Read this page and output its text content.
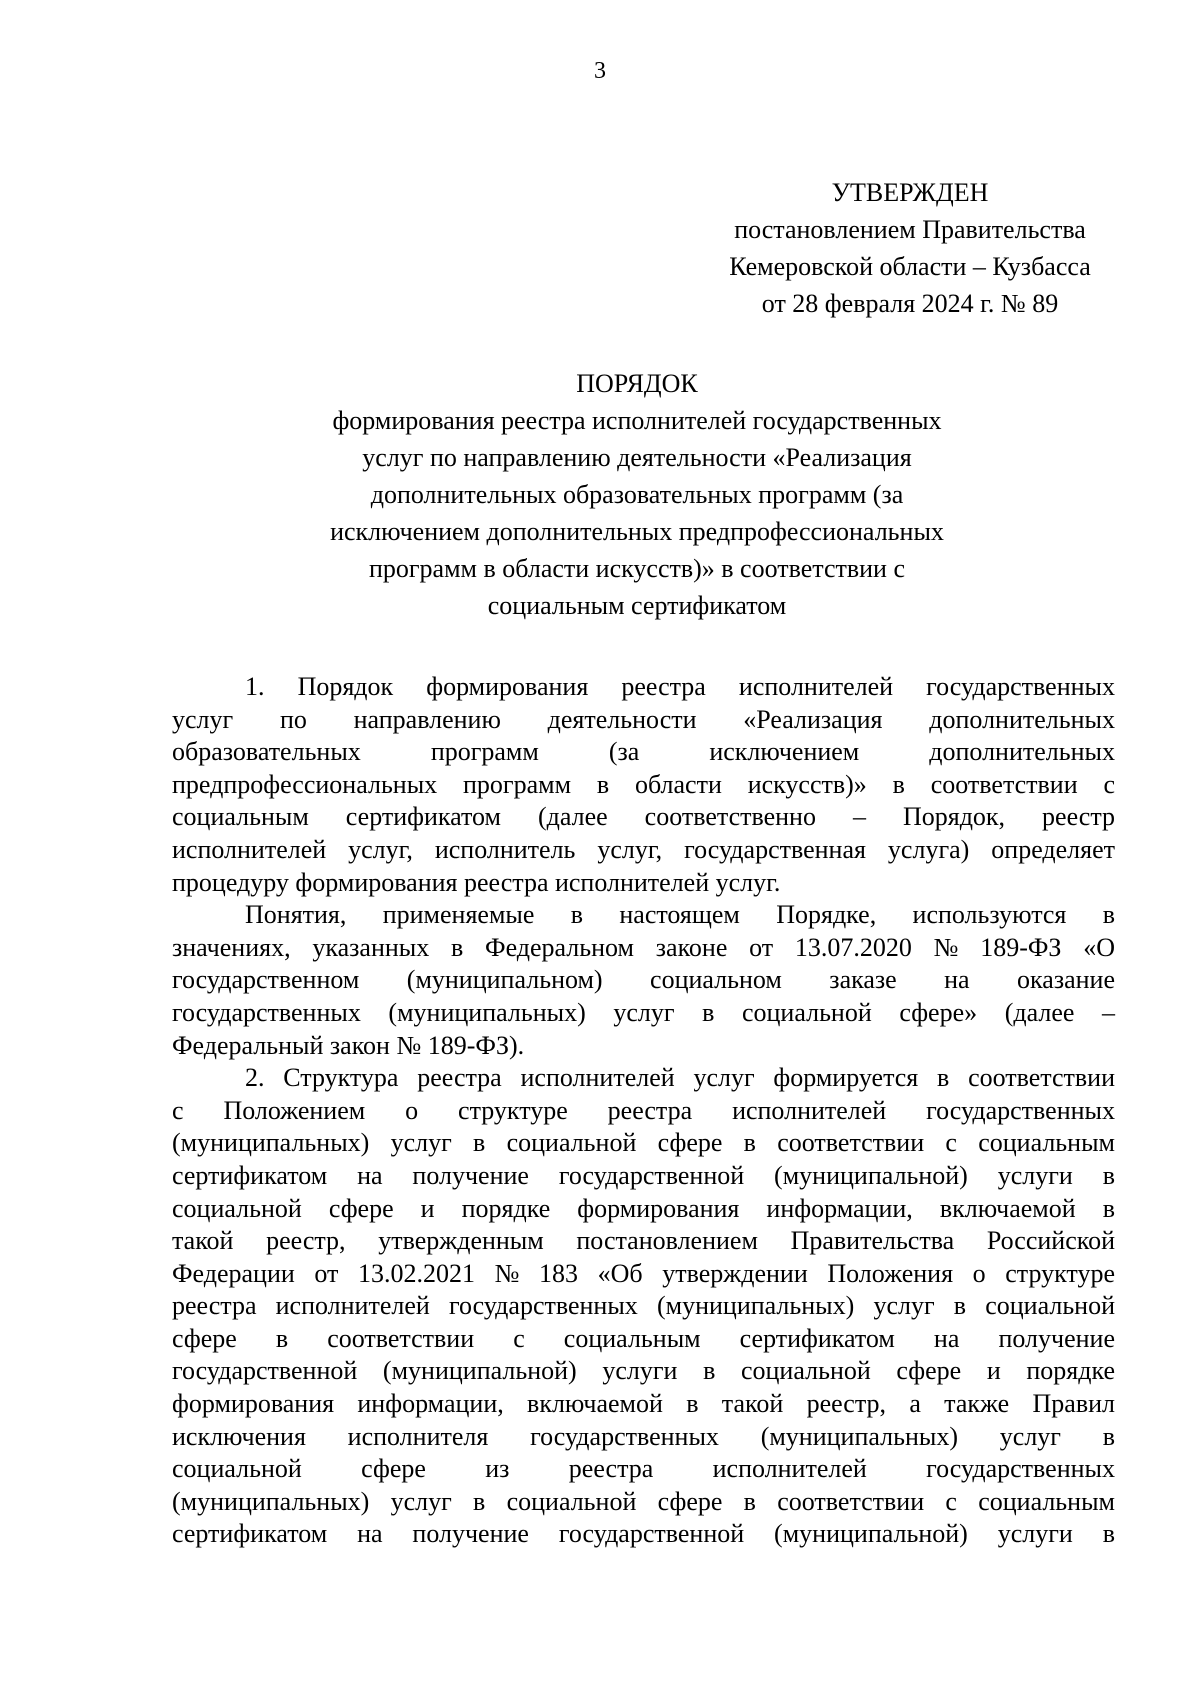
3
УТВЕРЖДЕН
постановлением Правительства
Кемеровской области – Кузбасса
от 28 февраля 2024 г. № 89
ПОРЯДОК
формирования реестра исполнителей государственных
услуг по направлению деятельности «Реализация
дополнительных образовательных программ (за
исключением дополнительных предпрофессиональных
программ в области искусств)» в соответствии с
социальным сертификатом

1. Порядок формирования реестра исполнителей государственных
услуг по направлению деятельности «Реализация дополнительных
образовательных программ (за исключением дополнительных
предпрофессиональных программ в области искусств)» в соответствии с
социальным сертификатом (далее соответственно – Порядок, реестр
исполнителей услуг, исполнитель услуг, государственная услуга) определяет
процедуру формирования реестра исполнителей услуг.

Понятия, применяемые в настоящем Порядке, используются в
значениях, указанных в Федеральном законе от 13.07.2020 № 189-ФЗ «О
государственном (муниципальном) социальном заказе на оказание
государственных (муниципальных) услуг в социальной сфере» (далее –
Федеральный закон № 189-ФЗ).

2. Структура реестра исполнителей услуг формируется в соответствии
с Положением о структуре реестра исполнителей государственных
(муниципальных) услуг в социальной сфере в соответствии с социальным
сертификатом на получение государственной (муниципальной) услуги в
социальной сфере и порядке формирования информации, включаемой в
такой реестр, утвержденным постановлением Правительства Российской
Федерации от 13.02.2021 № 183 «Об утверждении Положения о структуре
реестра исполнителей государственных (муниципальных) услуг в социальной
сфере в соответствии с социальным сертификатом на получение
государственной (муниципальной) услуги в социальной сфере и порядке
формирования информации, включаемой в такой реестр, а также Правил
исключения исполнителя государственных (муниципальных) услуг в
социальной сфере из реестра исполнителей государственных
(муниципальных) услуг в социальной сфере в соответствии с социальным
сертификатом на получение государственной (муниципальной) услуги в
